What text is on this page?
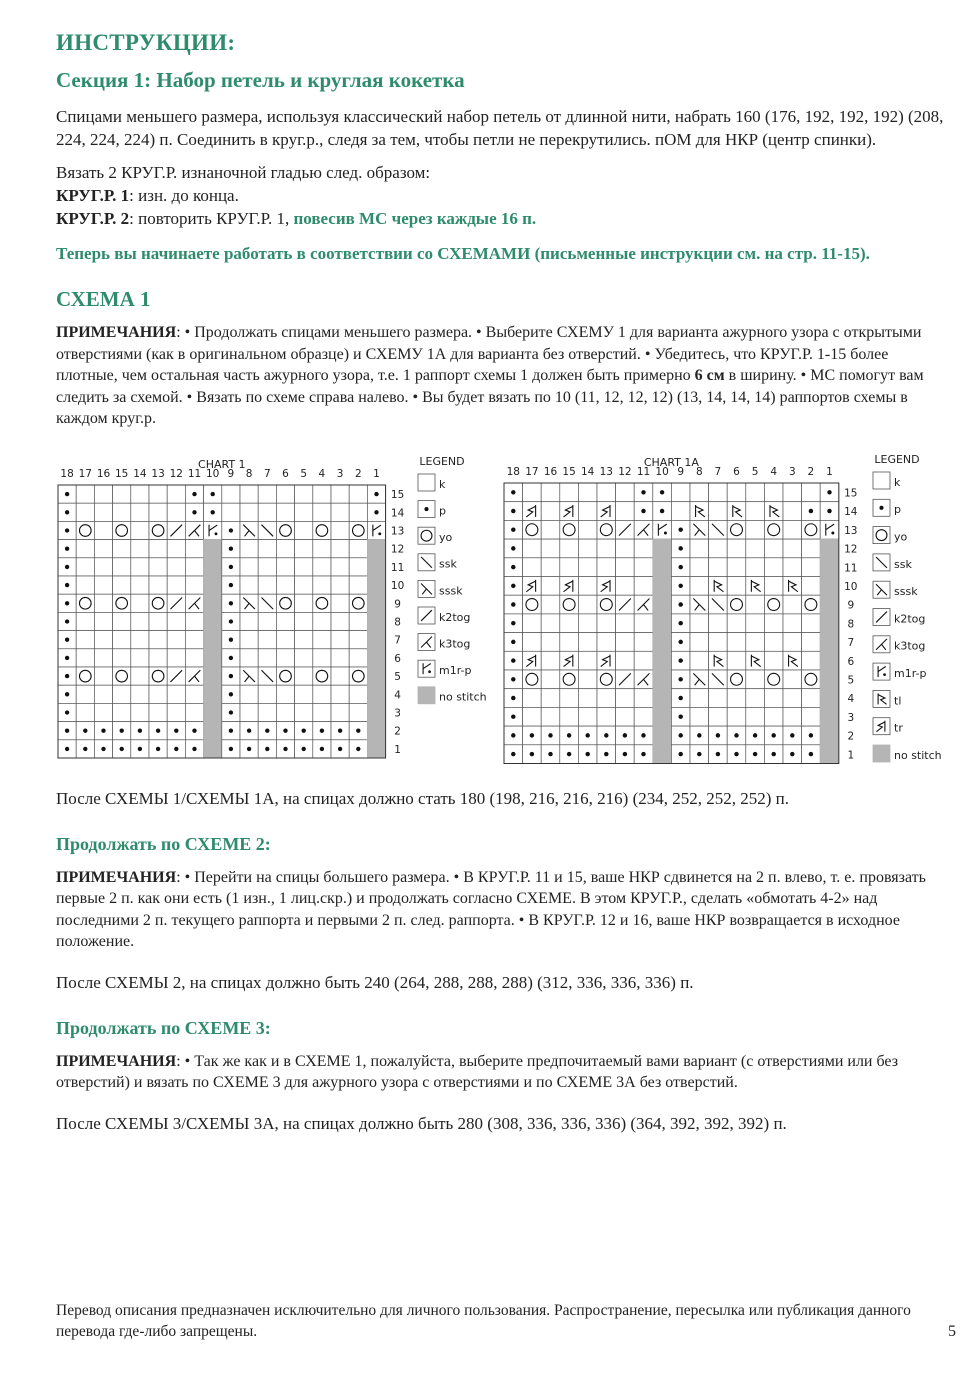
ИНСТРУКЦИИ:
Секция 1: Набор петель и круглая кокетка

Спицами меньшего размера, используя классический набор петель от длинной нити, набрать 160 (176, 192, 192, 192) (208, 224, 224, 224) п. Соединить в круг.р., следя за тем, чтобы петли не перекрутились. пОМ для НКР (центр спинки).

Вязать 2 КРУГ.Р. изнаночной гладью след. образом:
КРУГ.Р. 1: изн. до конца.
КРУГ.Р. 2: повторить КРУГ.Р. 1, повесив МС через каждые 16 п.

Теперь вы начинаете работать в соответствии со СХЕМАМИ (письменные инструкции см. на стр. 11-15).

СХЕМА 1

ПРИМЕЧАНИЯ: • Продолжать спицами меньшего размера. • Выберите СХЕМУ 1 для варианта ажурного узора с открытыми отверстиями (как в оригинальном образце) и СХЕМУ 1А для варианта без отверстий. • Убедитесь, что КРУГ.Р. 1-15 более плотные, чем остальная часть ажурного узора, т.е. 1 раппорт схемы 1 должен быть примерно 6 см в ширину. • МС помогут вам следить за схемой. • Вязать по схеме справа налево. • Вы будет вязать по 10 (11, 12, 12, 12) (13, 14, 14, 14) раппортов схемы в каждом круг.р.

CHART 1
18 17 16 15 14 13 12 11 10 9 8 7 6 5 4 3 2 1
15
14
13
12
11
10
9
8
7
6
5
4
3
2
1
LEGEND
k
p
yo
ssk
sssk
k2tog
k3tog
m1r-p
no stitch
CHART 1A
18 17 16 15 14 13 12 11 10 9 8 7 6 5 4 3 2 1
15
14
13
12
11
10
9
8
7
6
5
4
3
2
1
LEGEND
k
p
yo
ssk
sssk
k2tog
k3tog
m1r-p
tl
tr
no stitch

После СХЕМЫ 1/СХЕМЫ 1А, на спицах должно стать 180 (198, 216, 216, 216) (234, 252, 252, 252) п.

Продолжать по СХЕМЕ 2:

ПРИМЕЧАНИЯ: • Перейти на спицы большего размера. • В КРУГ.Р. 11 и 15, ваше НКР сдвинется на 2 п. влево, т. е. провязать первые 2 п. как они есть (1 изн., 1 лиц.скр.) и продолжать согласно СХЕМЕ. В этом КРУГ.Р., сделать «обмотать 4-2» над последними 2 п. текущего раппорта и первыми 2 п. след. раппорта. • В КРУГ.Р. 12 и 16, ваше НКР возвращается в исходное положение.

После СХЕМЫ 2, на спицах должно быть 240 (264, 288, 288, 288) (312, 336, 336, 336) п.

Продолжать по СХЕМЕ 3:

ПРИМЕЧАНИЯ: • Так же как и в СХЕМЕ 1, пожалуйста, выберите предпочитаемый вами вариант (с отверстиями или без отверстий) и вязать по СХЕМЕ 3 для ажурного узора с отверстиями и по СХЕМЕ 3А без отверстий.

После СХЕМЫ 3/СХЕМЫ 3А, на спицах должно быть 280 (308, 336, 336, 336) (364, 392, 392, 392) п.

Перевод описания предназначен исключительно для личного пользования. Распространение, пересылка или публикация данного перевода где-либо запрещены.	5
